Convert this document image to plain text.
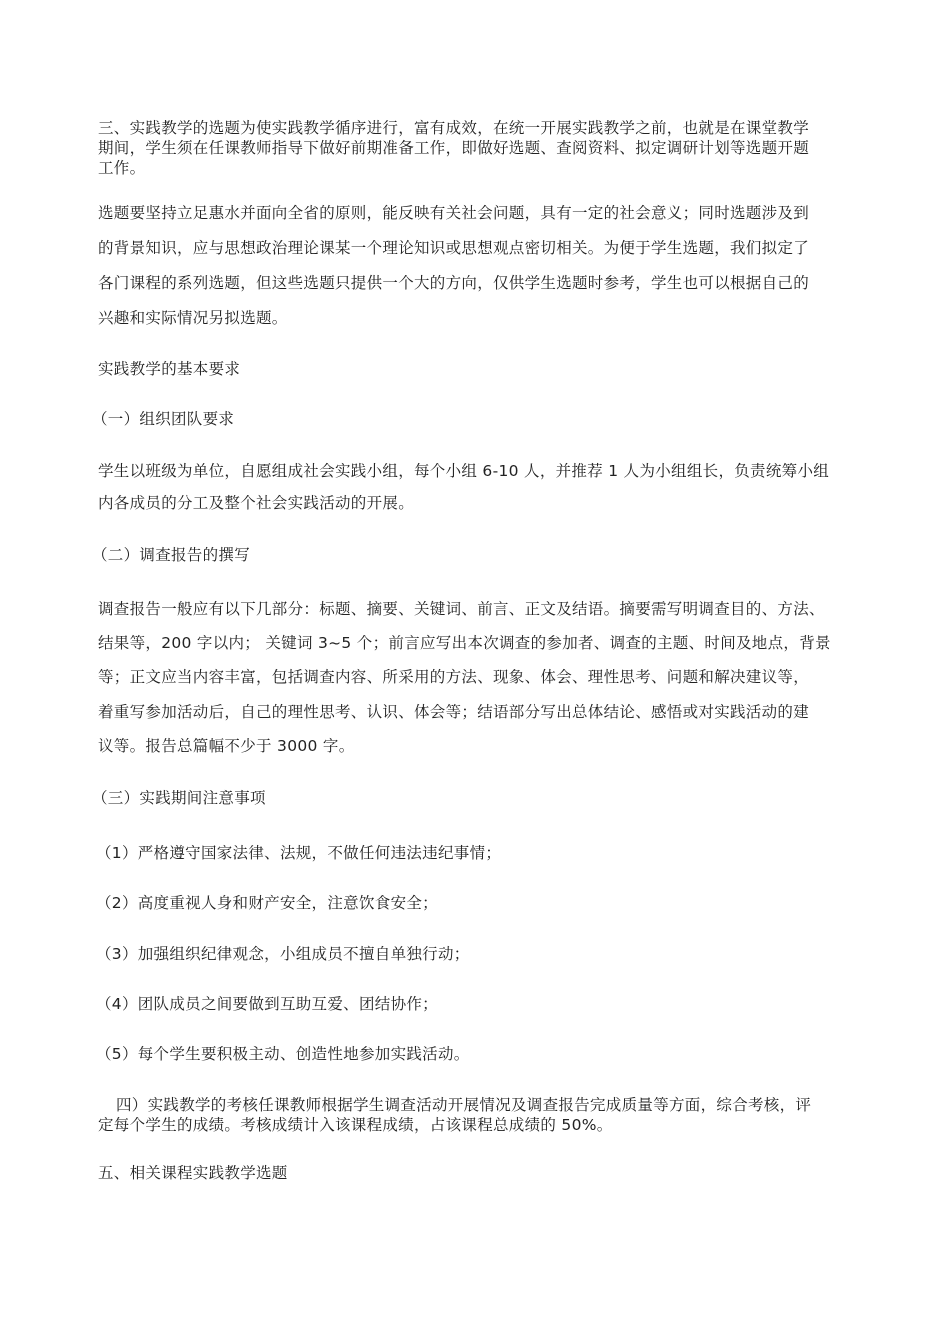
三、实践教学的选题为使实践教学循序进行，富有成效，在统一开展实践教学之前，也就是在课堂教学
期间，学生须在任课教师指导下做好前期准备工作，即做好选题、查阅资料、拟定调研计划等选题开题
工作。
选题要坚持立足惠水并面向全省的原则，能反映有关社会问题，具有一定的社会意义；同时选题涉及到
的背景知识，应与思想政治理论课某一个理论知识或思想观点密切相关。为便于学生选题，我们拟定了
各门课程的系列选题，但这些选题只提供一个大的方向，仅供学生选题时参考，学生也可以根据自己的
兴趣和实际情况另拟选题。
实践教学的基本要求
（一）组织团队要求
学生以班级为单位，自愿组成社会实践小组，每个小组 6-10 人，并推荐 1 人为小组组长，负责统筹小组
内各成员的分工及整个社会实践活动的开展。
（二）调查报告的撰写
调查报告一般应有以下几部分：标题、摘要、关键词、前言、正文及结语。摘要需写明调查目的、方法、
结果等，200 字以内； 关键词 3~5 个；前言应写出本次调查的参加者、调查的主题、时间及地点，背景
等；正文应当内容丰富，包括调查内容、所采用的方法、现象、体会、理性思考、问题和解决建议等，
着重写参加活动后，自己的理性思考、认识、体会等；结语部分写出总体结论、感悟或对实践活动的建
议等。报告总篇幅不少于 3000 字。
（三）实践期间注意事项
（1）严格遵守国家法律、法规，不做任何违法违纪事情；
（2）高度重视人身和财产安全，注意饮食安全；
（3）加强组织纪律观念，小组成员不擅自单独行动；
（4）团队成员之间要做到互助互爱、团结协作；
（5）每个学生要积极主动、创造性地参加实践活动。
四）实践教学的考核任课教师根据学生调查活动开展情况及调查报告完成质量等方面，综合考核，评
定每个学生的成绩。考核成绩计入该课程成绩，占该课程总成绩的 50%。
五、相关课程实践教学选题
